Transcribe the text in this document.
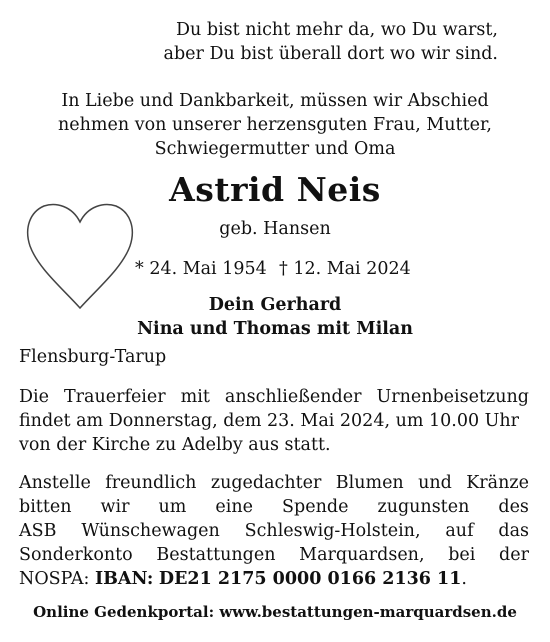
Du bist nicht mehr da, wo Du warst,
aber Du bist überall dort wo wir sind.
In Liebe und Dankbarkeit, müssen wir Abschied
nehmen von unserer herzensguten Frau, Mutter,
Schwiegermutter und Oma
Astrid Neis
geb. Hansen
* 24. Mai 1954 † 12. Mai 2024
Dein Gerhard
Nina und Thomas mit Milan
Flensburg-Tarup
Die Trauerfeier mit anschließender Urnenbeisetzung
findet am Donnerstag, dem 23. Mai 2024, um 10.00 Uhr
von der Kirche zu Adelby aus statt.
Anstelle freundlich zugedachter Blumen und Kränze
bitten wir um eine Spende zugunsten des
ASB Wünschewagen Schleswig-Holstein, auf das
Sonderkonto Bestattungen Marquardsen, bei der
NOSPA: IBAN: DE21 2175 0000 0166 2136 11.
Online Gedenkportal: www.bestattungen-marquardsen.de
